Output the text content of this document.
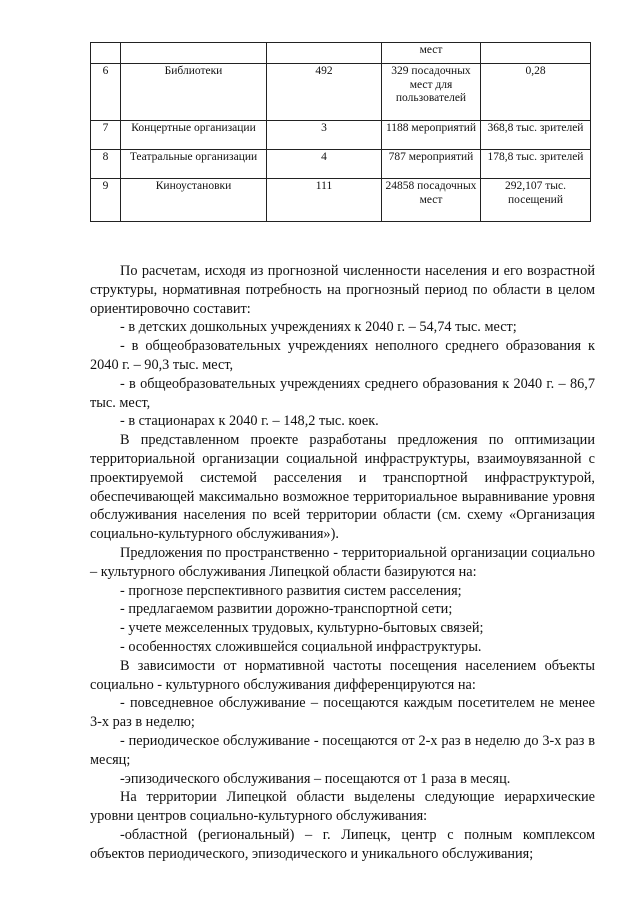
			мест	
6	Библиотеки	492	329 посадочных мест для пользователей	0,28
7	Концертные организации	3	1188 мероприятий	368,8 тыс. зрителей
8	Театральные организации	4	787 мероприятий	178,8 тыс. зрителей
9	Киноустановки	111	24858 посадочных мест	292,107 тыс. посещений

По расчетам, исходя из прогнозной численности населения и его возрастной структуры, нормативная потребность на прогнозный период по области в целом ориентировочно составит:

- в детских дошкольных учреждениях к 2040 г. – 54,74 тыс. мест;

- в общеобразовательных учреждениях неполного среднего образования к 2040 г. – 90,3 тыс. мест,

- в общеобразовательных учреждениях среднего образования к 2040 г. – 86,7 тыс. мест,

- в стационарах к 2040 г. – 148,2 тыс. коек.

В представленном проекте разработаны предложения по оптимизации территориальной организации социальной инфраструктуры, взаимоувязанной с проектируемой системой расселения и транспортной инфраструктурой, обеспечивающей максимально возможное территориальное выравнивание уровня обслуживания населения по всей территории области (см. схему «Организация социально-культурного обслуживания»).

Предложения по пространственно - территориальной организации социально – культурного обслуживания Липецкой области базируются на:

- прогнозе перспективного развития систем расселения;

- предлагаемом развитии дорожно-транспортной сети;

- учете межселенных трудовых, культурно-бытовых связей;

- особенностях сложившейся социальной инфраструктуры.

В зависимости от нормативной частоты посещения населением объекты социально - культурного обслуживания дифференцируются на:

- повседневное обслуживание – посещаются каждым посетителем не менее 3-х раз в неделю;

- периодическое обслуживание - посещаются от 2-х раз в неделю до 3-х раз в месяц;

-эпизодического обслуживания – посещаются от 1 раза в месяц.

На территории Липецкой области выделены следующие иерархические уровни центров социально-культурного обслуживания:

-областной (региональный) – г. Липецк, центр с полным комплексом объектов периодического, эпизодического и уникального обслуживания;
